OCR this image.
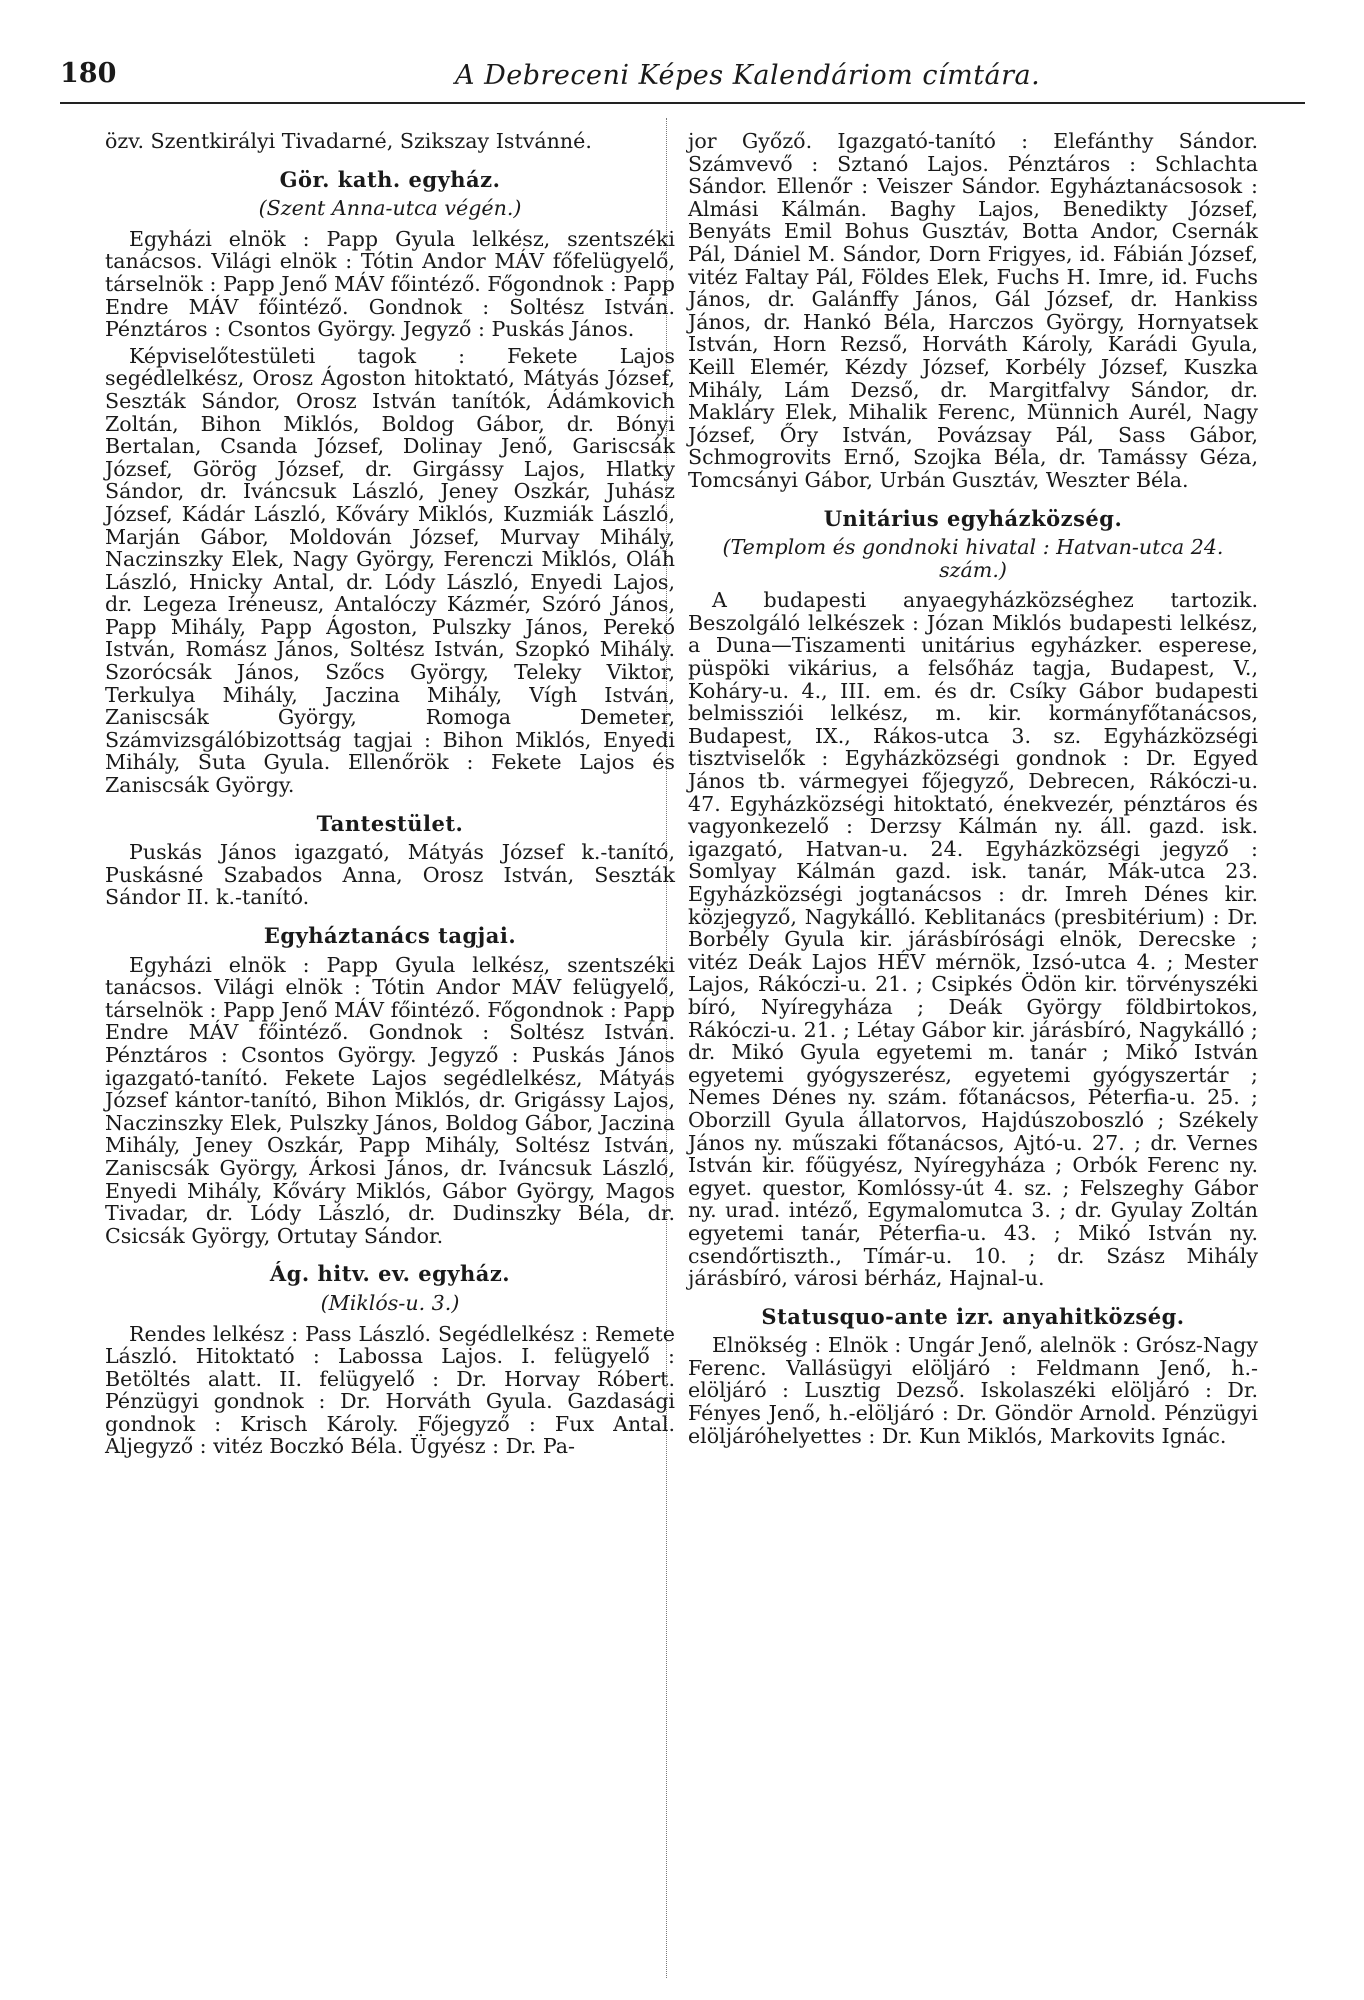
180	A Debreceni Képes Kalendáriom címtára.

özv. Szentkirályi Tivadarné, Szikszay Istvánné.

Gör. kath. egyház.
(Szent Anna-utca végén.)

Egyházi elnök : Papp Gyula lelkész, szentszéki tanácsos. Világi elnök : Tótin Andor MÁV főfelügyelő, társelnök : Papp Jenő MÁV főintéző. Főgondnok : Papp Endre MÁV főintéző. Gondnok : Soltész István. Pénztáros : Csontos György. Jegyző : Puskás János.

Képviselőtestületi tagok : Fekete Lajos segédlelkész, Orosz Ágoston hitoktató, Mátyás József, Seszták Sándor, Orosz István tanítók, Ádámkovich Zoltán, Bihon Miklós, Boldog Gábor, dr. Bónyi Bertalan, Csanda József, Dolinay Jenő, Gariscsák József, Görög József, dr. Girgássy Lajos, Hlatky Sándor, dr. Iváncsuk László, Jeney Oszkár, Juhász József, Kádár László, Kőváry Miklós, Kuzmiák László, Marján Gábor, Moldován József, Murvay Mihály, Naczinszky Elek, Nagy György, Ferenczi Miklós, Oláh László, Hnicky Antal, dr. Lódy László, Enyedi Lajos, dr. Legeza Iréneusz, Antalóczy Kázmér, Szóró János, Papp Mihály, Papp Ágoston, Pulszky János, Perekó István, Romász János, Soltész István, Szopkó Mihály. Szorócsák János, Szőcs György, Teleky Viktor, Terkulya Mihály, Jaczina Mihály, Vígh István, Zaniscsák György, Romoga Demeter, Számvizsgálóbizottság tagjai : Bihon Miklós, Enyedi Mihály, Suta Gyula. Ellenőrök : Fekete Lajos és Zaniscsák György.

Tantestület.

Puskás János igazgató, Mátyás József k.-tanító, Puskásné Szabados Anna, Orosz István, Seszták Sándor II. k.-tanító.

Egyháztanács tagjai.

Egyházi elnök : Papp Gyula lelkész, szentszéki tanácsos. Világi elnök : Tótin Andor MÁV felügyelő, társelnök : Papp Jenő MÁV főintéző. Főgondnok : Papp Endre MÁV főintéző. Gondnok : Soltész István. Pénztáros : Csontos György. Jegyző : Puskás János igazgató-tanító. Fekete Lajos segédlelkész, Mátyás József kántor-tanító, Bihon Miklós, dr. Grigássy Lajos, Naczinszky Elek, Pulszky János, Boldog Gábor, Jaczina Mihály, Jeney Oszkár, Papp Mihály, Soltész István, Zaniscsák György, Árkosi János, dr. Iváncsuk László, Enyedi Mihály, Kőváry Miklós, Gábor György, Magos Tivadar, dr. Lódy László, dr. Dudinszky Béla, dr. Csicsák György, Ortutay Sándor.

Ág. hitv. ev. egyház.
(Miklós-u. 3.)

Rendes lelkész : Pass László. Segédlelkész : Remete László. Hitoktató : Labossa Lajos. I. felügyelő : Betöltés alatt. II. felügyelő : Dr. Horvay Róbert. Pénzügyi gondnok : Dr. Horváth Gyula. Gazdasági gondnok : Krisch Károly. Főjegyző : Fux Antal. Aljegyző : vitéz Boczkó Béla. Ügyész : Dr. Pa-

jor Győző. Igazgató-tanító : Elefánthy Sándor. Számvevő : Sztanó Lajos. Pénztáros : Schlachta Sándor. Ellenőr : Veiszer Sándor. Egyháztanácsosok : Almási Kálmán. Baghy Lajos, Benedikty József, Benyáts Emil Bohus Gusztáv, Botta Andor, Csernák Pál, Dániel M. Sándor, Dorn Frigyes, id. Fábián József, vitéz Faltay Pál, Földes Elek, Fuchs H. Imre, id. Fuchs János, dr. Galánffy János, Gál József, dr. Hankiss János, dr. Hankó Béla, Harczos György, Hornyatsek István, Horn Rezső, Horváth Károly, Karádi Gyula, Keill Elemér, Kézdy József, Korbély József, Kuszka Mihály, Lám Dezső, dr. Margitfalvy Sándor, dr. Maklárу Elek, Mihalik Ferenc, Münnich Aurél, Nagy József, Őry István, Povázsay Pál, Sass Gábor, Schmogrovits Ernő, Szojka Béla, dr. Tamássy Géza, Tomcsányi Gábor, Urbán Gusztáv, Weszter Béla.

Unitárius egyházközség.
(Templom és gondnoki hivatal : Hatvan-utca 24. szám.)

A budapesti anyaegyházközséghez tartozik. Beszolgáló lelkészek : Józan Miklós budapesti lelkész, a Duna—Tiszamenti unitárius egyházker. esperese, püspöki vikárius, a felsőház tagja, Budapest, V., Koháry-u. 4., III. em. és dr. Csíky Gábor budapesti belmissziói lelkész, m. kir. kormányfőtanácsos, Budapest, IX., Rákos-utca 3. sz. Egyházközségi tisztviselők : Egyházközségi gondnok : Dr. Egyed János tb. vármegyei főjegyző, Debrecen, Rákóczi-u. 47. Egyházközségi hitoktató, énekvezér, pénztáros és vagyonkezelő : Derzsy Kálmán ny. áll. gazd. isk. igazgató, Hatvan-u. 24. Egyházközségi jegyző : Somlyay Kálmán gazd. isk. tanár, Mák-utca 23. Egyházközségi jogtanácsos : dr. Imreh Dénes kir. közjegyző, Nagykálló. Keblitanács (presbitérium) : Dr. Borbély Gyula kir. járásbírósági elnök, Derecske ; vitéz Deák Lajos HÉV mérnök, Izsó-utca 4. ; Mester Lajos, Rákóczi-u. 21. ; Csipkés Ödön kir. törvényszéki bíró, Nyíregyháza ; Deák György földbirtokos, Rákóczi-u. 21. ; Létay Gábor kir. járásbíró, Nagykálló ; dr. Mikó Gyula egyetemi m. tanár ; Mikó István egyetemi gyógyszerész, egyetemi gyógyszertár ; Nemes Dénes ny. szám. főtanácsos, Péterfia-u. 25. ; Oborzill Gyula állatorvos, Hajdúszoboszló ; Székely János ny. műszaki főtanácsos, Ajtó-u. 27. ; dr. Vernes István kir. főügyész, Nyíregyháza ; Orbók Ferenc ny. egyet. questor, Komlóssy-út 4. sz. ; Felszeghy Gábor ny. urad. intéző, Egymalomutca 3. ; dr. Gyulay Zoltán egyetemi tanár, Péterfia-u. 43. ; Mikó István ny. csendőrtiszth., Tímár-u. 10. ; dr. Szász Mihály járásbíró, városi bérház, Hajnal-u.

Statusquo-ante izr. anyahitközség.

Elnökség : Elnök : Ungár Jenő, alelnök : Grósz-Nagy Ferenc. Vallásügyi elöljáró : Feldmann Jenő, h.-elöljáró : Lusztig Dezső. Iskolaszéki elöljáró : Dr. Fényes Jenő, h.-elöljáró : Dr. Göndör Arnold. Pénzügyi elöljáróhelyettes : Dr. Kun Miklós, Markovits Ignác.
